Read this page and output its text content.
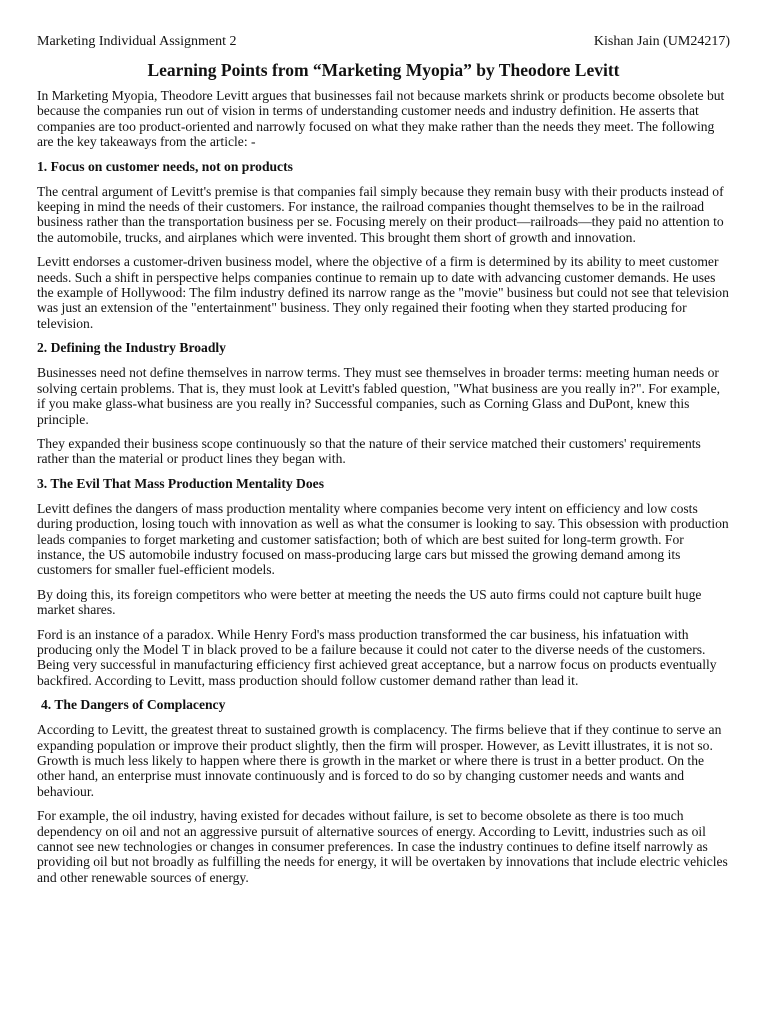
Marketing Individual Assignment 2	Kishan Jain (UM24217)
Learning Points from “Marketing Myopia” by Theodore Levitt

In Marketing Myopia, Theodore Levitt argues that businesses fail not because markets shrink or products become obsolete but because the companies run out of vision in terms of understanding customer needs and industry definition. He asserts that companies are too product-oriented and narrowly focused on what they make rather than the needs they meet. The following are the key takeaways from the article: -

1. Focus on customer needs, not on products

The central argument of Levitt's premise is that companies fail simply because they remain busy with their products instead of keeping in mind the needs of their customers. For instance, the railroad companies thought themselves to be in the railroad business rather than the transportation business per se. Focusing merely on their product—railroads—they paid no attention to the automobile, trucks, and airplanes which were invented. This brought them short of growth and innovation.

Levitt endorses a customer-driven business model, where the objective of a firm is determined by its ability to meet customer needs. Such a shift in perspective helps companies continue to remain up to date with advancing customer demands. He uses the example of Hollywood: The film industry defined its narrow range as the "movie" business but could not see that television was just an extension of the "entertainment" business. They only regained their footing when they started producing for television.

2. Defining the Industry Broadly

Businesses need not define themselves in narrow terms. They must see themselves in broader terms: meeting human needs or solving certain problems. That is, they must look at Levitt's fabled question, "What business are you really in?". For example, if you make glass-what business are you really in? Successful companies, such as Corning Glass and DuPont, knew this principle.

They expanded their business scope continuously so that the nature of their service matched their customers' requirements rather than the material or product lines they began with.

3. The Evil That Mass Production Mentality Does

Levitt defines the dangers of mass production mentality where companies become very intent on efficiency and low costs during production, losing touch with innovation as well as what the consumer is looking to say. This obsession with production leads companies to forget marketing and customer satisfaction; both of which are best suited for long-term growth. For instance, the US automobile industry focused on mass-producing large cars but missed the growing demand among its customers for smaller fuel-efficient models.

By doing this, its foreign competitors who were better at meeting the needs the US auto firms could not capture built huge market shares.

Ford is an instance of a paradox. While Henry Ford's mass production transformed the car business, his infatuation with producing only the Model T in black proved to be a failure because it could not cater to the diverse needs of the customers. Being very successful in manufacturing efficiency first achieved great acceptance, but a narrow focus on products eventually backfired. According to Levitt, mass production should follow customer demand rather than lead it.

4. The Dangers of Complacency

According to Levitt, the greatest threat to sustained growth is complacency. The firms believe that if they continue to serve an expanding population or improve their product slightly, then the firm will prosper. However, as Levitt illustrates, it is not so. Growth is much less likely to happen where there is growth in the market or where there is trust in a better product. On the other hand, an enterprise must innovate continuously and is forced to do so by changing customer needs and wants and behaviour.

For example, the oil industry, having existed for decades without failure, is set to become obsolete as there is too much dependency on oil and not an aggressive pursuit of alternative sources of energy. According to Levitt, industries such as oil cannot see new technologies or changes in consumer preferences. In case the industry continues to define itself narrowly as providing oil but not broadly as fulfilling the needs for energy, it will be overtaken by innovations that include electric vehicles and other renewable sources of energy.
